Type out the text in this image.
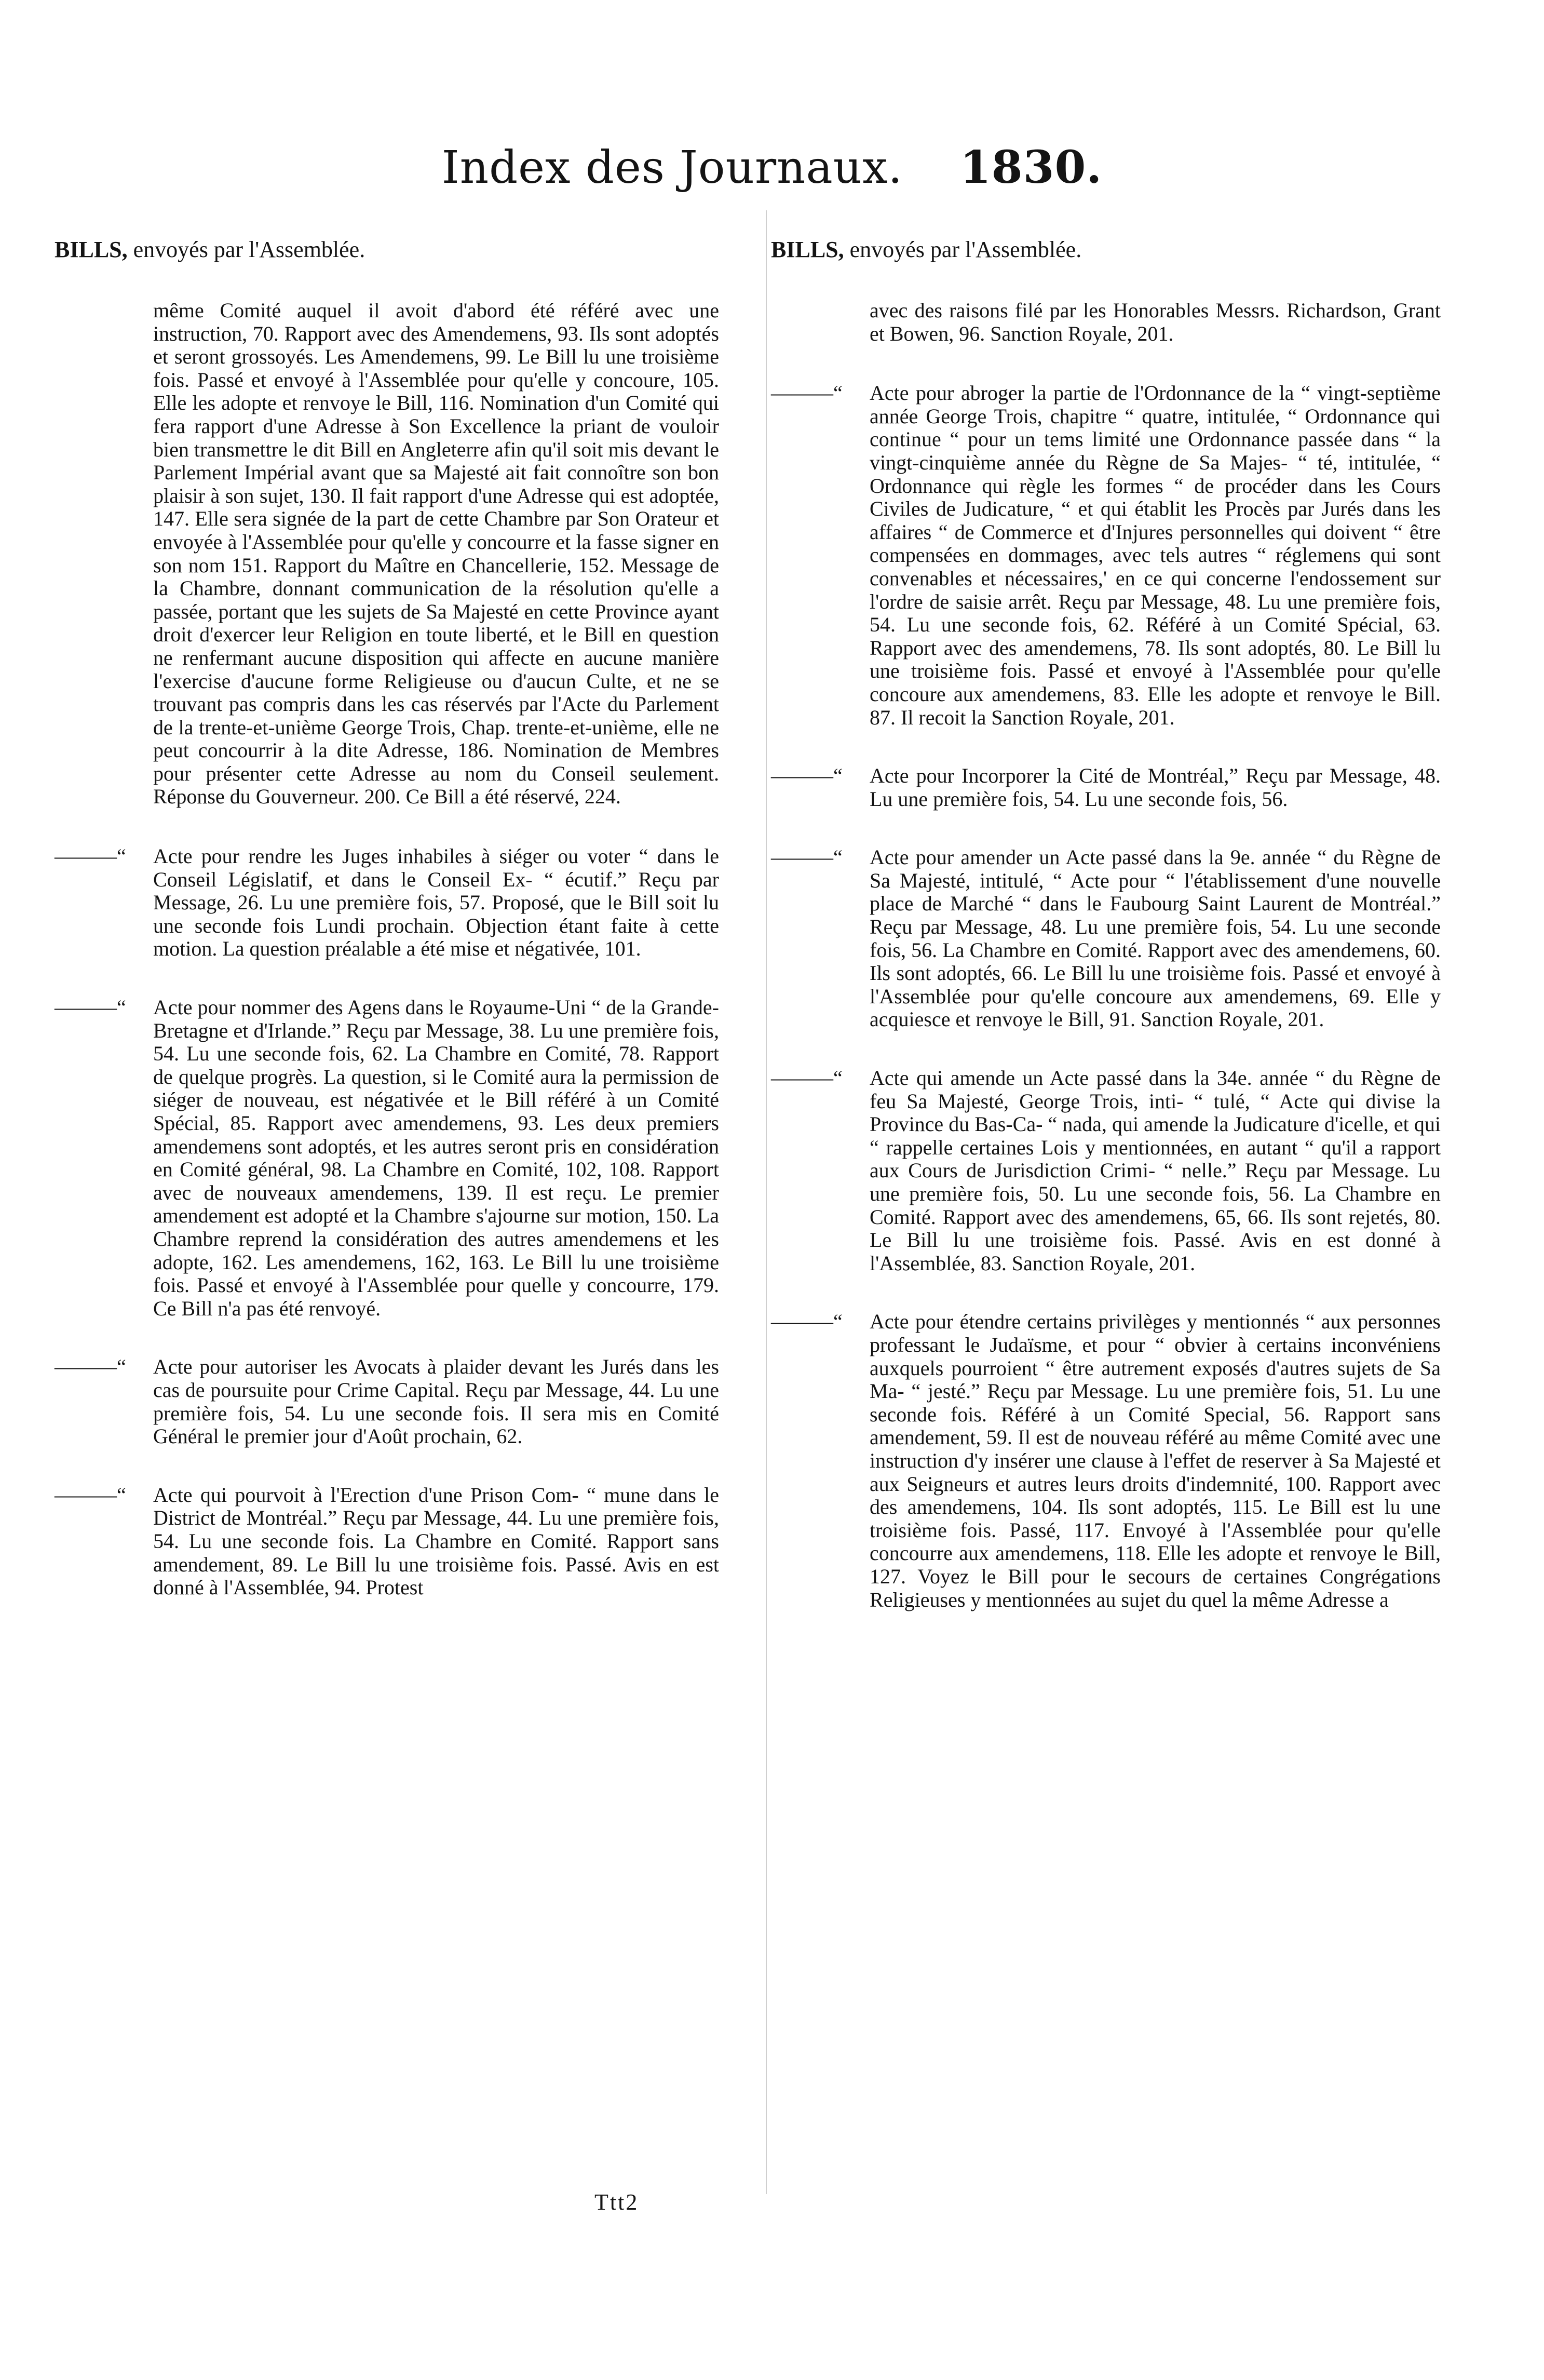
Index des Journaux. 1830.
BILLS, envoyés par l'Assemblée.

même Comité auquel il avoit d'abord été référé avec une instruction, 70. Rapport avec des Amendemens, 93. Ils sont adoptés et seront grossoyés. Les Amendemens, 99. Le Bill lu une troisième fois. Passé et envoyé à l'Assemblée pour qu'elle y concoure, 105. Elle les adopte et renvoye le Bill, 116. Nomination d'un Comité qui fera rapport d'une Adresse à Son Excellence la priant de vouloir bien transmettre le dit Bill en Angleterre afin qu'il soit mis devant le Parlement Impérial avant que sa Majesté ait fait connoître son bon plaisir à son sujet, 130. Il fait rapport d'une Adresse qui est adoptée, 147. Elle sera signée de la part de cette Chambre par Son Orateur et envoyée à l'Assemblée pour qu'elle y concourre et la fasse signer en son nom 151. Rapport du Maître en Chancellerie, 152. Message de la Chambre, donnant communication de la résolution qu'elle a passée, portant que les sujets de Sa Majesté en cette Province ayant droit d'exercer leur Religion en toute liberté, et le Bill en question ne renfermant aucune disposition qui affecte en aucune manière l'exercise d'aucune forme Religieuse ou d'aucun Culte, et ne se trouvant pas compris dans les cas réservés par l'Acte du Parlement de la trente-et-unième George Trois, Chap. trente-et-unième, elle ne peut concourrir à la dite Adresse, 186. Nomination de Membres pour présenter cette Adresse au nom du Conseil seulement. Réponse du Gouverneur. 200. Ce Bill a été réservé, 224.

———“ Acte pour rendre les Juges inhabiles à siéger ou voter “ dans le Conseil Législatif, et dans le Conseil Ex- “ écutif.” Reçu par Message, 26. Lu une première fois, 57. Proposé, que le Bill soit lu une seconde fois Lundi prochain. Objection étant faite à cette motion. La question préalable a été mise et négativée, 101.

———“ Acte pour nommer des Agens dans le Royaume-Uni “ de la Grande-Bretagne et d'Irlande.” Reçu par Message, 38. Lu une première fois, 54. Lu une seconde fois, 62. La Chambre en Comité, 78. Rapport de quelque progrès. La question, si le Comité aura la permission de siéger de nouveau, est négativée et le Bill référé à un Comité Spécial, 85. Rapport avec amendemens, 93. Les deux premiers amendemens sont adoptés, et les autres seront pris en considération en Comité général, 98. La Chambre en Comité, 102, 108. Rapport avec de nouveaux amendemens, 139. Il est reçu. Le premier amendement est adopté et la Chambre s'ajourne sur motion, 150. La Chambre reprend la considération des autres amendemens et les adopte, 162. Les amendemens, 162, 163. Le Bill lu une troisième fois. Passé et envoyé à l'Assemblée pour quelle y concourre, 179. Ce Bill n'a pas été renvoyé.

———“ Acte pour autoriser les Avocats à plaider devant les Jurés dans les cas de poursuite pour Crime Capital. Reçu par Message, 44. Lu une première fois, 54. Lu une seconde fois. Il sera mis en Comité Général le premier jour d'Août prochain, 62.

———“ Acte qui pourvoit à l'Erection d'une Prison Com- “ mune dans le District de Montréal.” Reçu par Message, 44. Lu une première fois, 54. Lu une seconde fois. La Chambre en Comité. Rapport sans amendement, 89. Le Bill lu une troisième fois. Passé. Avis en est donné à l'Assemblée, 94. Protest

BILLS, envoyés par l'Assemblée.

avec des raisons filé par les Honorables Messrs. Richardson, Grant et Bowen, 96. Sanction Royale, 201.

———“ Acte pour abroger la partie de l'Ordonnance de la “ vingt-septième année George Trois, chapitre “ quatre, intitulée, “ Ordonnance qui continue “ pour un tems limité une Ordonnance passée dans “ la vingt-cinquième année du Règne de Sa Majes- “ té, intitulée, “ Ordonnance qui règle les formes “ de procéder dans les Cours Civiles de Judicature, “ et qui établit les Procès par Jurés dans les affaires “ de Commerce et d'Injures personnelles qui doivent “ être compensées en dommages, avec tels autres “ réglemens qui sont convenables et nécessaires,' en ce qui concerne l'endossement sur l'ordre de saisie arrêt. Reçu par Message, 48. Lu une première fois, 54. Lu une seconde fois, 62. Référé à un Comité Spécial, 63. Rapport avec des amendemens, 78. Ils sont adoptés, 80. Le Bill lu une troisième fois. Passé et envoyé à l'Assemblée pour qu'elle concoure aux amendemens, 83. Elle les adopte et renvoye le Bill. 87. Il recoit la Sanction Royale, 201.

———“ Acte pour Incorporer la Cité de Montréal,” Reçu par Message, 48. Lu une première fois, 54. Lu une seconde fois, 56.

———“ Acte pour amender un Acte passé dans la 9e. année “ du Règne de Sa Majesté, intitulé, “ Acte pour “ l'établissement d'une nouvelle place de Marché “ dans le Faubourg Saint Laurent de Montréal.” Reçu par Message, 48. Lu une première fois, 54. Lu une seconde fois, 56. La Chambre en Comité. Rapport avec des amendemens, 60. Ils sont adoptés, 66. Le Bill lu une troisième fois. Passé et envoyé à l'Assemblée pour qu'elle concoure aux amendemens, 69. Elle y acquiesce et renvoye le Bill, 91. Sanction Royale, 201.

———“ Acte qui amende un Acte passé dans la 34e. année “ du Règne de feu Sa Majesté, George Trois, inti- “ tulé, “ Acte qui divise la Province du Bas-Ca- “ nada, qui amende la Judicature d'icelle, et qui “ rappelle certaines Lois y mentionnées, en autant “ qu'il a rapport aux Cours de Jurisdiction Crimi- “ nelle.” Reçu par Message. Lu une première fois, 50. Lu une seconde fois, 56. La Chambre en Comité. Rapport avec des amendemens, 65, 66. Ils sont rejetés, 80. Le Bill lu une troisième fois. Passé. Avis en est donné à l'Assemblée, 83. Sanction Royale, 201.

———“ Acte pour étendre certains privilèges y mentionnés “ aux personnes professant le Judaïsme, et pour “ obvier à certains inconvéniens auxquels pourroient “ être autrement exposés d'autres sujets de Sa Ma- “ jesté.” Reçu par Message. Lu une première fois, 51. Lu une seconde fois. Référé à un Comité Special, 56. Rapport sans amendement, 59. Il est de nouveau référé au même Comité avec une instruction d'y insérer une clause à l'effet de reserver à Sa Majesté et aux Seigneurs et autres leurs droits d'indemnité, 100. Rapport avec des amendemens, 104. Ils sont adoptés, 115. Le Bill est lu une troisième fois. Passé, 117. Envoyé à l'Assemblée pour qu'elle concourre aux amendemens, 118. Elle les adopte et renvoye le Bill, 127. Voyez le Bill pour le secours de certaines Congrégations Religieuses y mentionnées au sujet du quel la même Adresse a

Ttt2
